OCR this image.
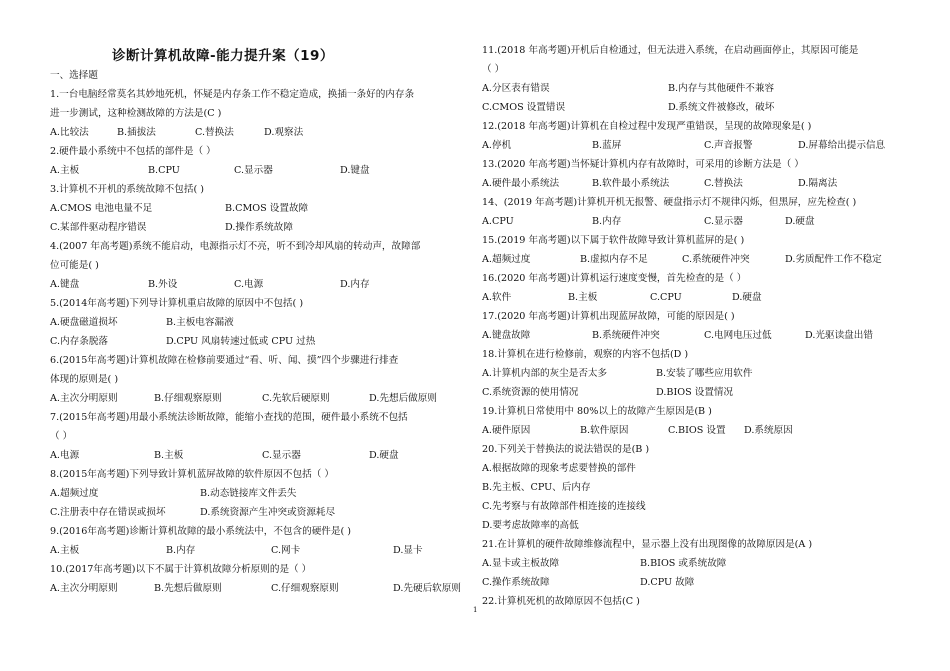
诊断计算机故障-能力提升案（19）
一、选择题
1.一台电脑经常莫名其妙地死机，怀疑是内存条工作不稳定造成，换插一条好的内存条
进一步测试，这种检测故障的方法是(C )
A.比较法	B.插拔法	C.替换法	D.观察法
2.硬件最小系统中不包括的部件是（ ）
A.主板	B.CPU	C.显示器	D.键盘
3.计算机不开机的系统故障不包括( )
A.CMOS 电池电量不足	B.CMOS 设置故障
C.某部件驱动程序错误	D.操作系统故障
4.(2007 年高考题)系统不能启动，电源指示灯不亮，听不到冷却风扇的转动声，故障部
位可能是( )
A.键盘	B.外设	C.电源	D.内存
5.(2014年高考题)下列导计算机重启故障的原因中不包括( )
A.硬盘磁道损坏	B.主板电容漏液
C.内存条脱落	D.CPU 风扇转速过低或 CPU 过热
6.(2015年高考题)计算机故障在检修前要通过“看、听、闻、摸”四个步骤进行排查
体现的原则是( )
A.主次分明原则	B.仔细观察原则	C.先软后硬原则	D.先想后做原则
7.(2015年高考题)用最小系统法诊断故障，能缩小查找的范围，硬件最小系统不包括
（ ）
A.电源	B.主板	C.显示器	D.硬盘
8.(2015年高考题)下列导致计算机蓝屏故障的软件原因不包括（ ）
A.超频过度	B.动态链接库文件丢失
C.注册表中存在错误或损坏	D.系统资源产生冲突或资源耗尽
9.(2016年高考题)诊断计算机故障的最小系统法中，不包含的硬件是( )
A.主板	B.内存	C.网卡	D.显卡
10.(2017年高考题)以下不属于计算机故障分析原则的是（ ）
A.主次分明原则	B.先想后做原则	C.仔细观察原则	D.先硬后软原则
11.(2018 年高考题)开机后自检通过，但无法进入系统，在启动画面停止，其原因可能是
（ ）
A.分区表有错误	B.内存与其他硬件不兼容
C.CMOS 设置错误	D.系统文件被修改，破坏
12.(2018 年高考题)计算机在自检过程中发现严重错误，呈现的故障现象是( )
A.停机	B.蓝屏	C.声音报警	D.屏幕给出提示信息
13.(2020 年高考题)当怀疑计算机内存有故障时，可采用的诊断方法是（ ）
A.硬件最小系统法	B.软件最小系统法	C.替换法	D.隔离法
14、(2019 年高考题)计算机开机无报警、硬盘指示灯不规律闪烁，但黑屏，应先检查( )
A.CPU	B.内存	C.显示器	D.硬盘
15.(2019 年高考题)以下属于软件故障导致计算机蓝屏的是( )
A.超频过度	B.虚拟内存不足	C.系统硬件冲突	D.劣质配件工作不稳定
16.(2020 年高考题)计算机运行速度变慢，首先检查的是（ ）
A.软件	B.主板	C.CPU	D.硬盘
17.(2020 年高考题)计算机出现蓝屏故障，可能的原因是( )
A.键盘故障	B.系统硬件冲突	C.电网电压过低	D.光驱读盘出错
18.计算机在进行检修前，观察的内容不包括(D )
A.计算机内部的灰尘是否太多	B.安装了哪些应用软件
C.系统资源的使用情况	D.BIOS 设置情况
19.计算机日常使用中 80%以上的故障产生原因是(B )
A.硬件原因	B.软件原因	C.BIOS 设置 D.系统原因
20.下列关于替换法的说法错误的是(B )
A.根据故障的现象考虑要替换的部件
B.先主板、CPU、后内存
C.先考察与有故障部件相连接的连接线
D.要考虑故障率的高低
21.在计算机的硬件故障维修流程中，显示器上没有出现图像的故障原因是(A )
A.显卡或主板故障	B.BIOS 或系统故障
C.操作系统故障	D.CPU 故障
22.计算机死机的故障原因不包括(C )
1
